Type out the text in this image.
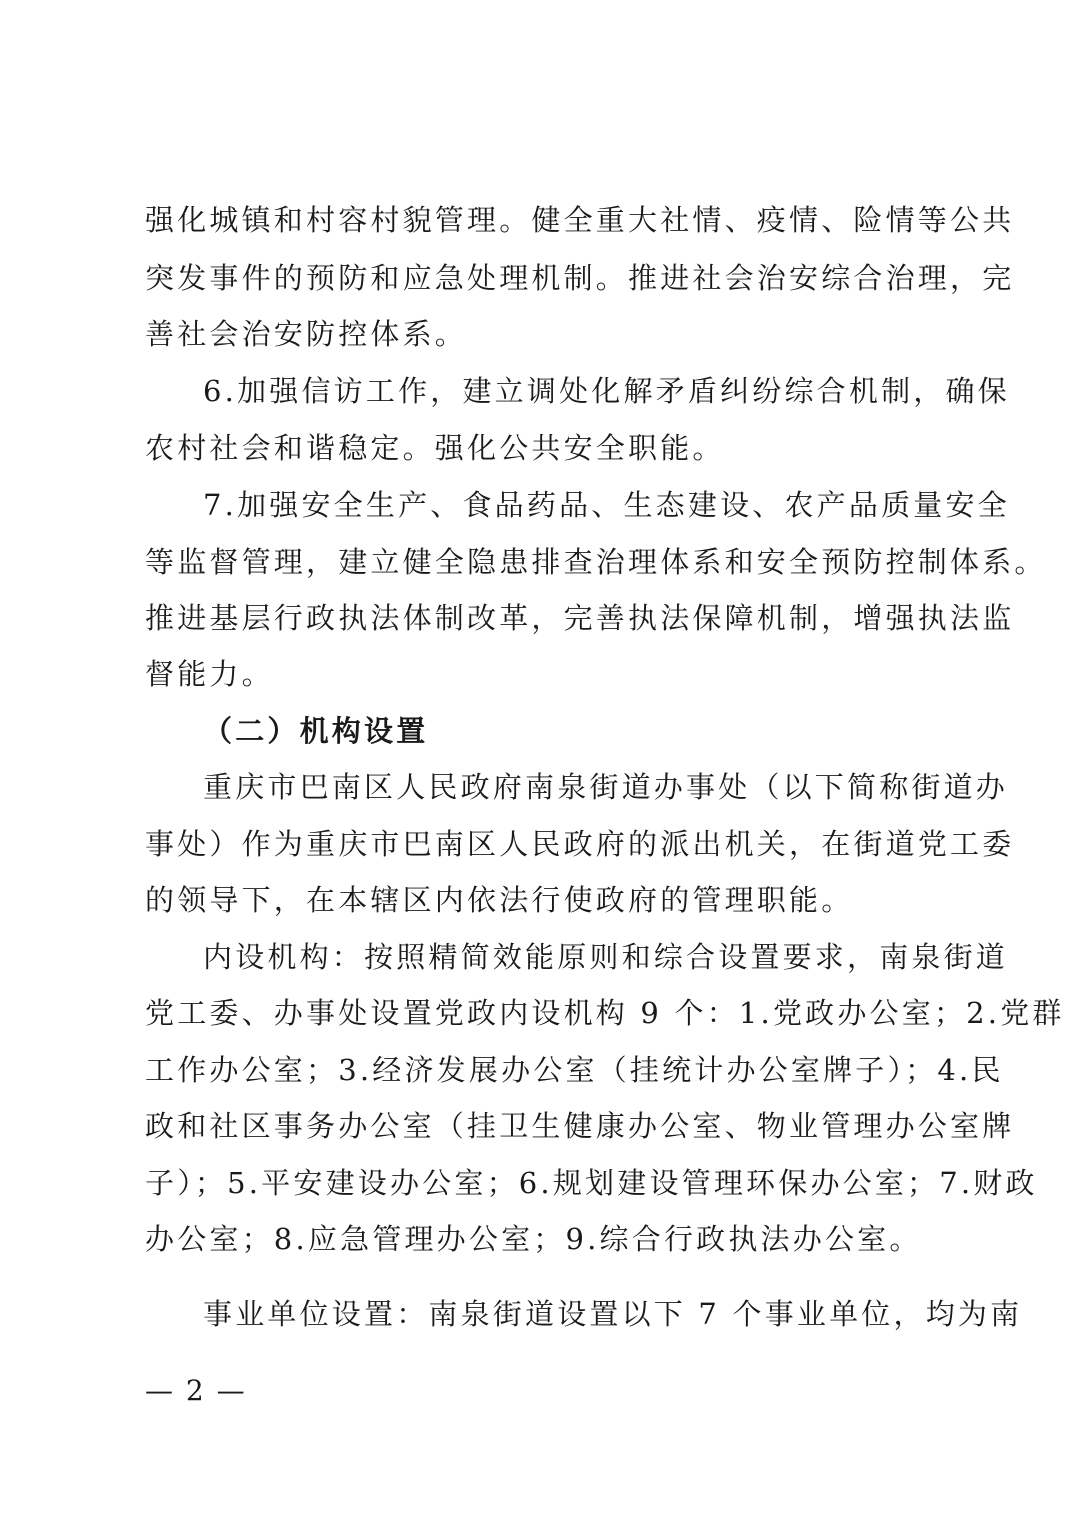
强化城镇和村容村貌管理。健全重大社情、疫情、险情等公共
突发事件的预防和应急处理机制。推进社会治安综合治理，完
善社会治安防控体系。
6.加强信访工作，建立调处化解矛盾纠纷综合机制，确保
农村社会和谐稳定。强化公共安全职能。
7.加强安全生产、食品药品、生态建设、农产品质量安全
等监督管理，建立健全隐患排查治理体系和安全预防控制体系。
推进基层行政执法体制改革，完善执法保障机制，增强执法监
督能力。
（二）机构设置
重庆市巴南区人民政府南泉街道办事处（以下简称街道办
事处）作为重庆市巴南区人民政府的派出机关，在街道党工委
的领导下，在本辖区内依法行使政府的管理职能。
内设机构：按照精简效能原则和综合设置要求，南泉街道
党工委、办事处设置党政内设机构 9 个：1.党政办公室；2.党群
工作办公室；3.经济发展办公室（挂统计办公室牌子）；4.民
政和社区事务办公室（挂卫生健康办公室、物业管理办公室牌
子）；5.平安建设办公室；6.规划建设管理环保办公室；7.财政
办公室；8.应急管理办公室；9.综合行政执法办公室。
事业单位设置：南泉街道设置以下 7 个事业单位，均为南
— 2 —
